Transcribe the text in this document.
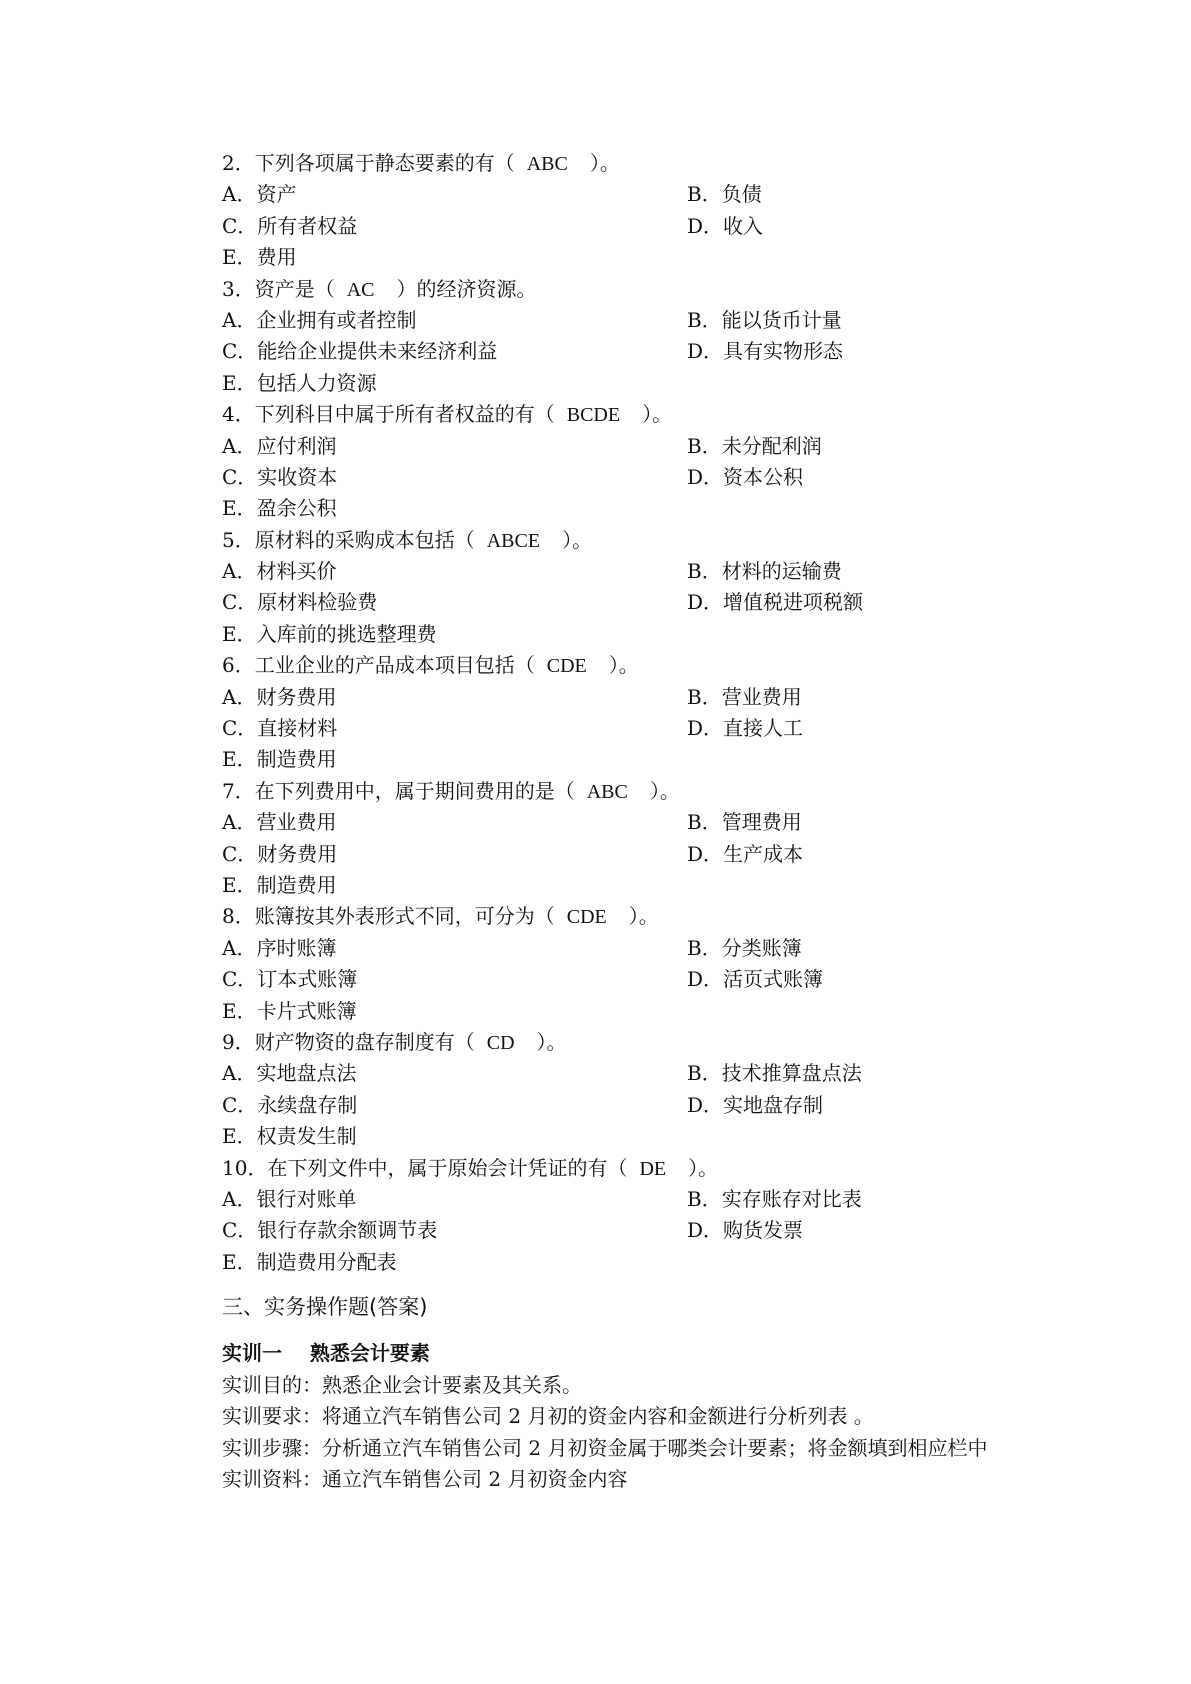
2．下列各项属于静态要素的有（ ABC ）。
A．资产	B．负债
C．所有者权益	D．收入
E．费用
3．资产是（ AC ）的经济资源。
A．企业拥有或者控制	B．能以货币计量
C．能给企业提供未来经济利益	D．具有实物形态
E．包括人力资源
4．下列科目中属于所有者权益的有（ BCDE ）。
A．应付利润	B．未分配利润
C．实收资本	D．资本公积
E．盈余公积
5．原材料的采购成本包括（ ABCE ）。
A．材料买价	B．材料的运输费
C．原材料检验费	D．增值税进项税额
E．入库前的挑选整理费
6．工业企业的产品成本项目包括（ CDE ）。
A．财务费用	B．营业费用
C．直接材料	D．直接人工
E．制造费用
7．在下列费用中，属于期间费用的是（ ABC ）。
A．营业费用	B．管理费用
C．财务费用	D．生产成本
E．制造费用
8．账簿按其外表形式不同，可分为（ CDE ）。
A．序时账簿	B．分类账簿
C．订本式账簿	D．活页式账簿
E．卡片式账簿
9．财产物资的盘存制度有（ CD ）。
A．实地盘点法	B．技术推算盘点法
C．永续盘存制	D．实地盘存制
E．权责发生制
10．在下列文件中，属于原始会计凭证的有（ DE ）。
A．银行对账单	B．实存账存对比表
C．银行存款余额调节表	D．购货发票
E．制造费用分配表
三、实务操作题(答案)
实训一    熟悉会计要素
实训目的：熟悉企业会计要素及其关系。
实训要求：将通立汽车销售公司 2 月初的资金内容和金额进行分析列表 。
实训步骤：分析通立汽车销售公司 2 月初资金属于哪类会计要素；将金额填到相应栏中
实训资料：通立汽车销售公司 2 月初资金内容
